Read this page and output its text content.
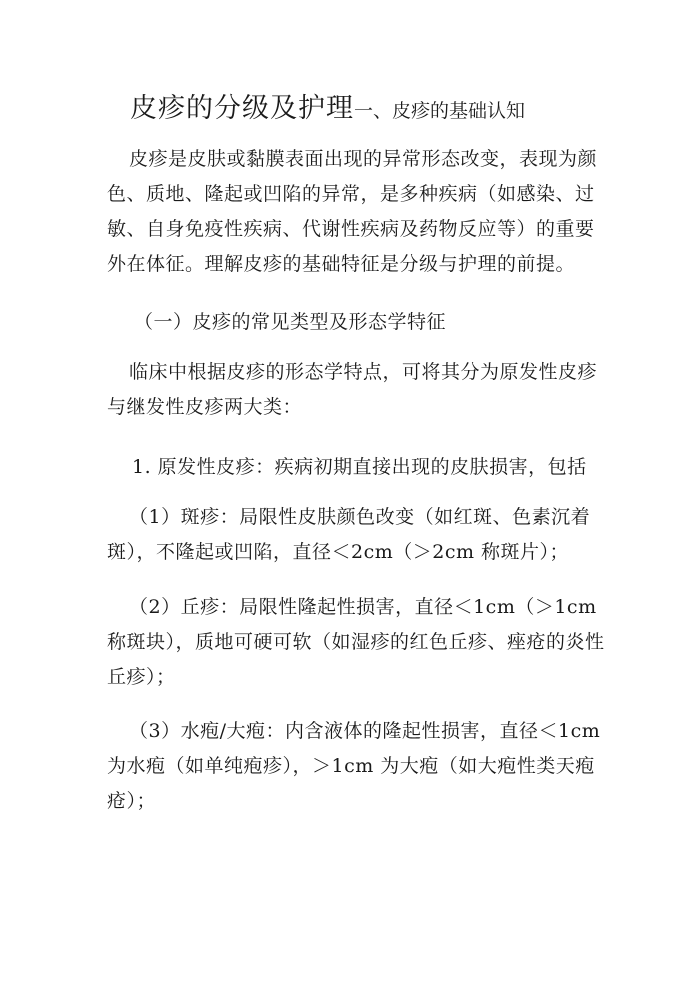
皮疹的分级及护理一、皮疹的基础认知

皮疹是皮肤或黏膜表面出现的异常形态改变，表现为颜色、质地、隆起或凹陷的异常，是多种疾病（如感染、过敏、自身免疫性疾病、代谢性疾病及药物反应等）的重要外在体征。理解皮疹的基础特征是分级与护理的前提。

（一）皮疹的常见类型及形态学特征

临床中根据皮疹的形态学特点，可将其分为原发性皮疹与继发性皮疹两大类：

1. 原发性皮疹：疾病初期直接出现的皮肤损害，包括

（1）斑疹：局限性皮肤颜色改变（如红斑、色素沉着斑），不隆起或凹陷，直径＜2cm（＞2cm 称斑片）；

（2）丘疹：局限性隆起性损害，直径＜1cm（＞1cm 称斑块），质地可硬可软（如湿疹的红色丘疹、痤疮的炎性丘疹）；

（3）水疱/大疱：内含液体的隆起性损害，直径＜1cm 为水疱（如单纯疱疹），＞1cm 为大疱（如大疱性类天疱疮）；
